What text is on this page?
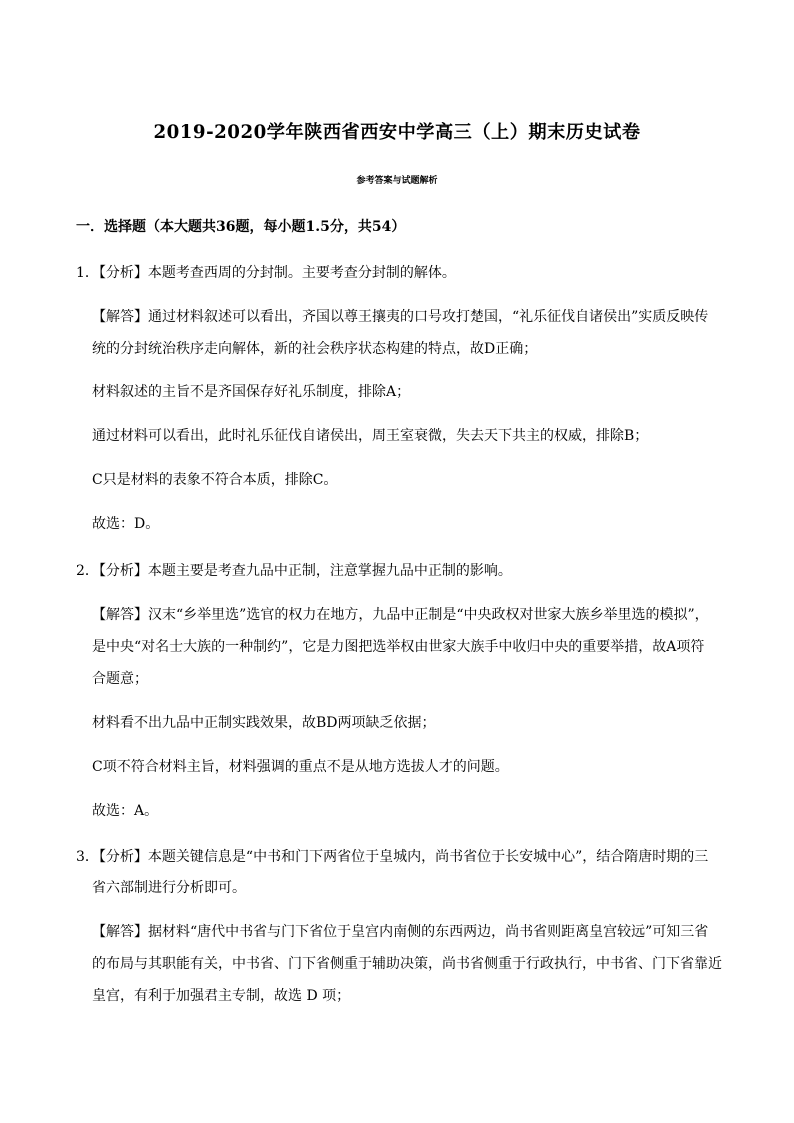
2019-2020学年陕西省西安中学高三（上）期末历史试卷
参考答案与试题解析
一．选择题（本大题共36题，每小题1.5分，共54）
1．【分析】本题考查西周的分封制。主要考查分封制的解体。
【解答】通过材料叙述可以看出，齐国以尊王攘夷的口号攻打楚国，“礼乐征伐自诸侯出”实质反映传
统的分封统治秩序走向解体，新的社会秩序状态构建的特点，故D正确；
材料叙述的主旨不是齐国保存好礼乐制度，排除A；
通过材料可以看出，此时礼乐征伐自诸侯出，周王室衰微，失去天下共主的权威，排除B；
C只是材料的表象不符合本质，排除C。
故选：D。
2．【分析】本题主要是考查九品中正制，注意掌握九品中正制的影响。
【解答】汉末“乡举里选”选官的权力在地方，九品中正制是“中央政权对世家大族乡举里选的模拟”，
是中央“对名士大族的一种制约”，它是力图把选举权由世家大族手中收归中央的重要举措，故A项符
合题意；
材料看不出九品中正制实践效果，故BD两项缺乏依据；
C项不符合材料主旨，材料强调的重点不是从地方选拔人才的问题。
故选：A。
3．【分析】本题关键信息是“中书和门下两省位于皇城内，尚书省位于长安城中心”，结合隋唐时期的三
省六部制进行分析即可。
【解答】据材料“唐代中书省与门下省位于皇宫内南侧的东西两边，尚书省则距离皇宫较远”可知三省
的布局与其职能有关，中书省、门下省侧重于辅助决策，尚书省侧重于行政执行，中书省、门下省靠近
皇宫，有利于加强君主专制，故选 D 项；
